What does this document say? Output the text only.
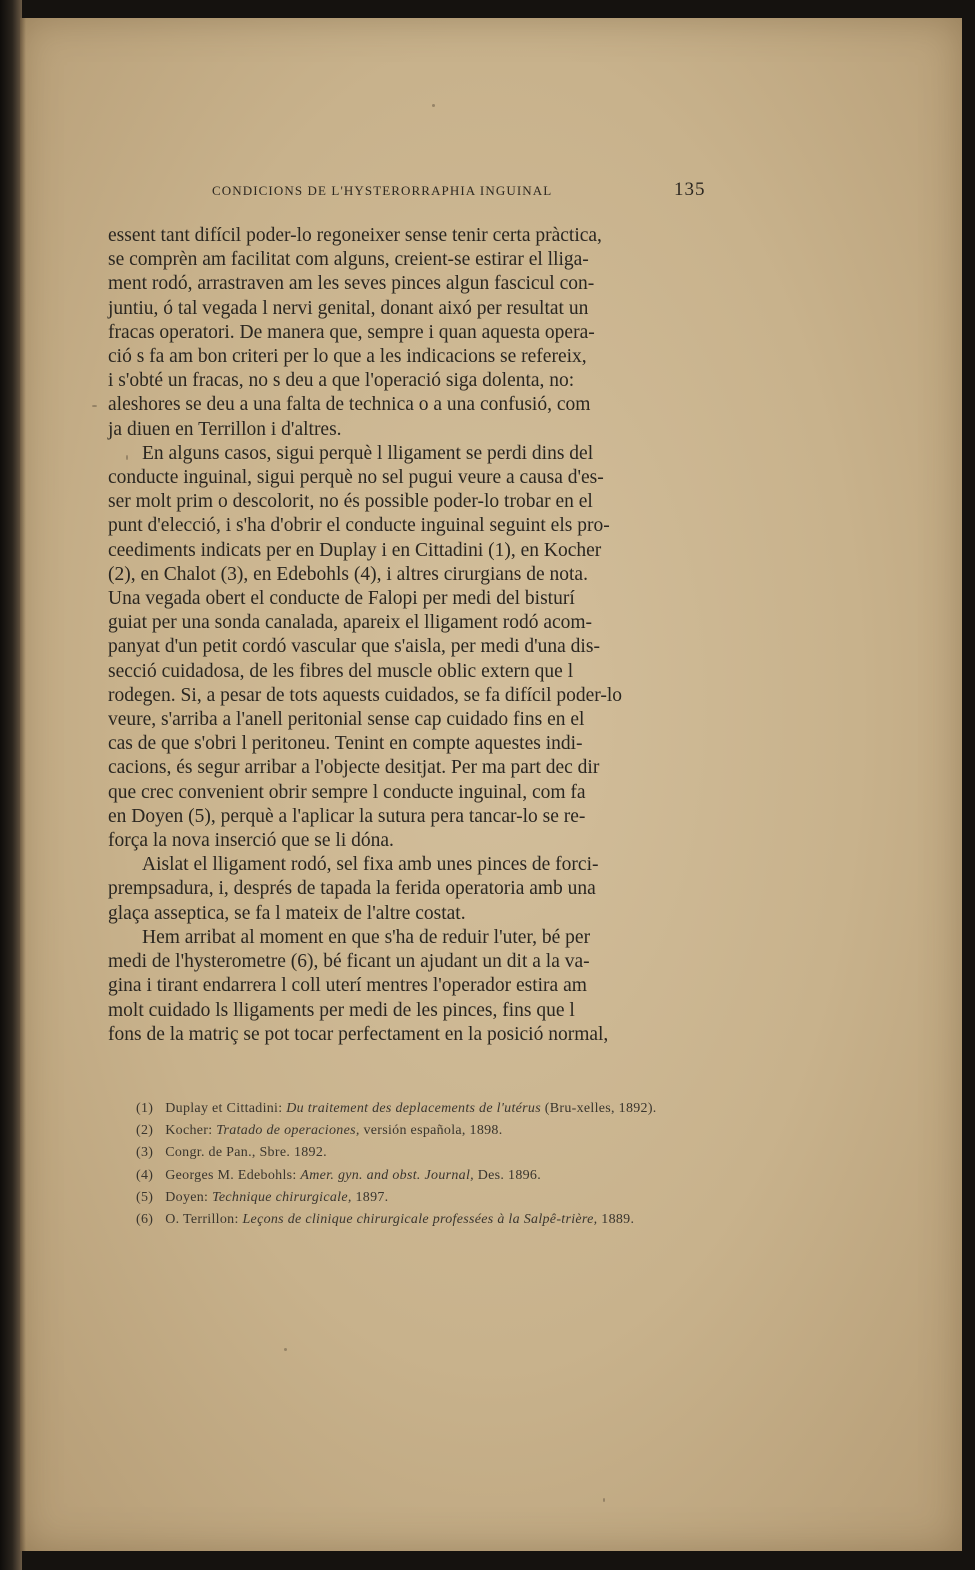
CONDICIONS DE L'HYSTERORRAPHIA INGUINAL	135

essent tant difícil poder-lo regoneixer sense tenir certa pràctica,
se comprèn am facilitat com alguns, creient-se estirar el lliga-
ment rodó, arrastraven am les seves pinces algun fascicul con-
juntiu, ó tal vegada l nervi genital, donant aixó per resultat un
fracas operatori. De manera que, sempre i quan aquesta opera-
ció s fa am bon criteri per lo que a les indicacions se refereix,
i s'obté un fracas, no s deu a que l'operació siga dolenta, no:
aleshores se deu a una falta de technica o a una confusió, com
ja diuen en Terrillon i d'altres.

En alguns casos, sigui perquè l lligament se perdi dins del
conducte inguinal, sigui perquè no sel pugui veure a causa d'es-
ser molt prim o descolorit, no és possible poder-lo trobar en el
punt d'elecció, i s'ha d'obrir el conducte inguinal seguint els pro-
ceediments indicats per en Duplay i en Cittadini (1), en Kocher
(2), en Chalot (3), en Edebohls (4), i altres cirurgians de nota.
Una vegada obert el conducte de Falopi per medi del bisturí
guiat per una sonda canalada, apareix el lligament rodó acom-
panyat d'un petit cordó vascular que s'aisla, per medi d'una dis-
secció cuidadosa, de les fibres del muscle oblic extern que l
rodegen. Si, a pesar de tots aquests cuidados, se fa difícil poder-lo
veure, s'arriba a l'anell peritonial sense cap cuidado fins en el
cas de que s'obri l peritoneu. Tenint en compte aquestes indi-
cacions, és segur arribar a l'objecte desitjat. Per ma part dec dir
que crec convenient obrir sempre l conducte inguinal, com fa
en Doyen (5), perquè a l'aplicar la sutura pera tancar-lo se re-
força la nova inserció que se li dóna.

Aislat el lligament rodó, sel fixa amb unes pinces de forci-
prempsadura, i, després de tapada la ferida operatoria amb una
glaça asseptica, se fa l mateix de l'altre costat.

Hem arribat al moment en que s'ha de reduir l'uter, bé per
medi de l'hysterometre (6), bé ficant un ajudant un dit a la va-
gina i tirant endarrera l coll uterí mentres l'operador estira am
molt cuidado ls lligaments per medi de les pinces, fins que l
fons de la matriç se pot tocar perfectament en la posició normal,

(1) Duplay et Cittadini: Du traitement des deplacements de l'utérus (Bru-xelles, 1892).

(2) Kocher: Tratado de operaciones, versión española, 1898.

(3) Congr. de Pan., Sbre. 1892.

(4) Georges M. Edebohls: Amer. gyn. and obst. Journal, Des. 1896.

(5) Doyen: Technique chirurgicale, 1897.

(6) O. Terrillon: Leçons de clinique chirurgicale professées à la Salpê-trière, 1889.
